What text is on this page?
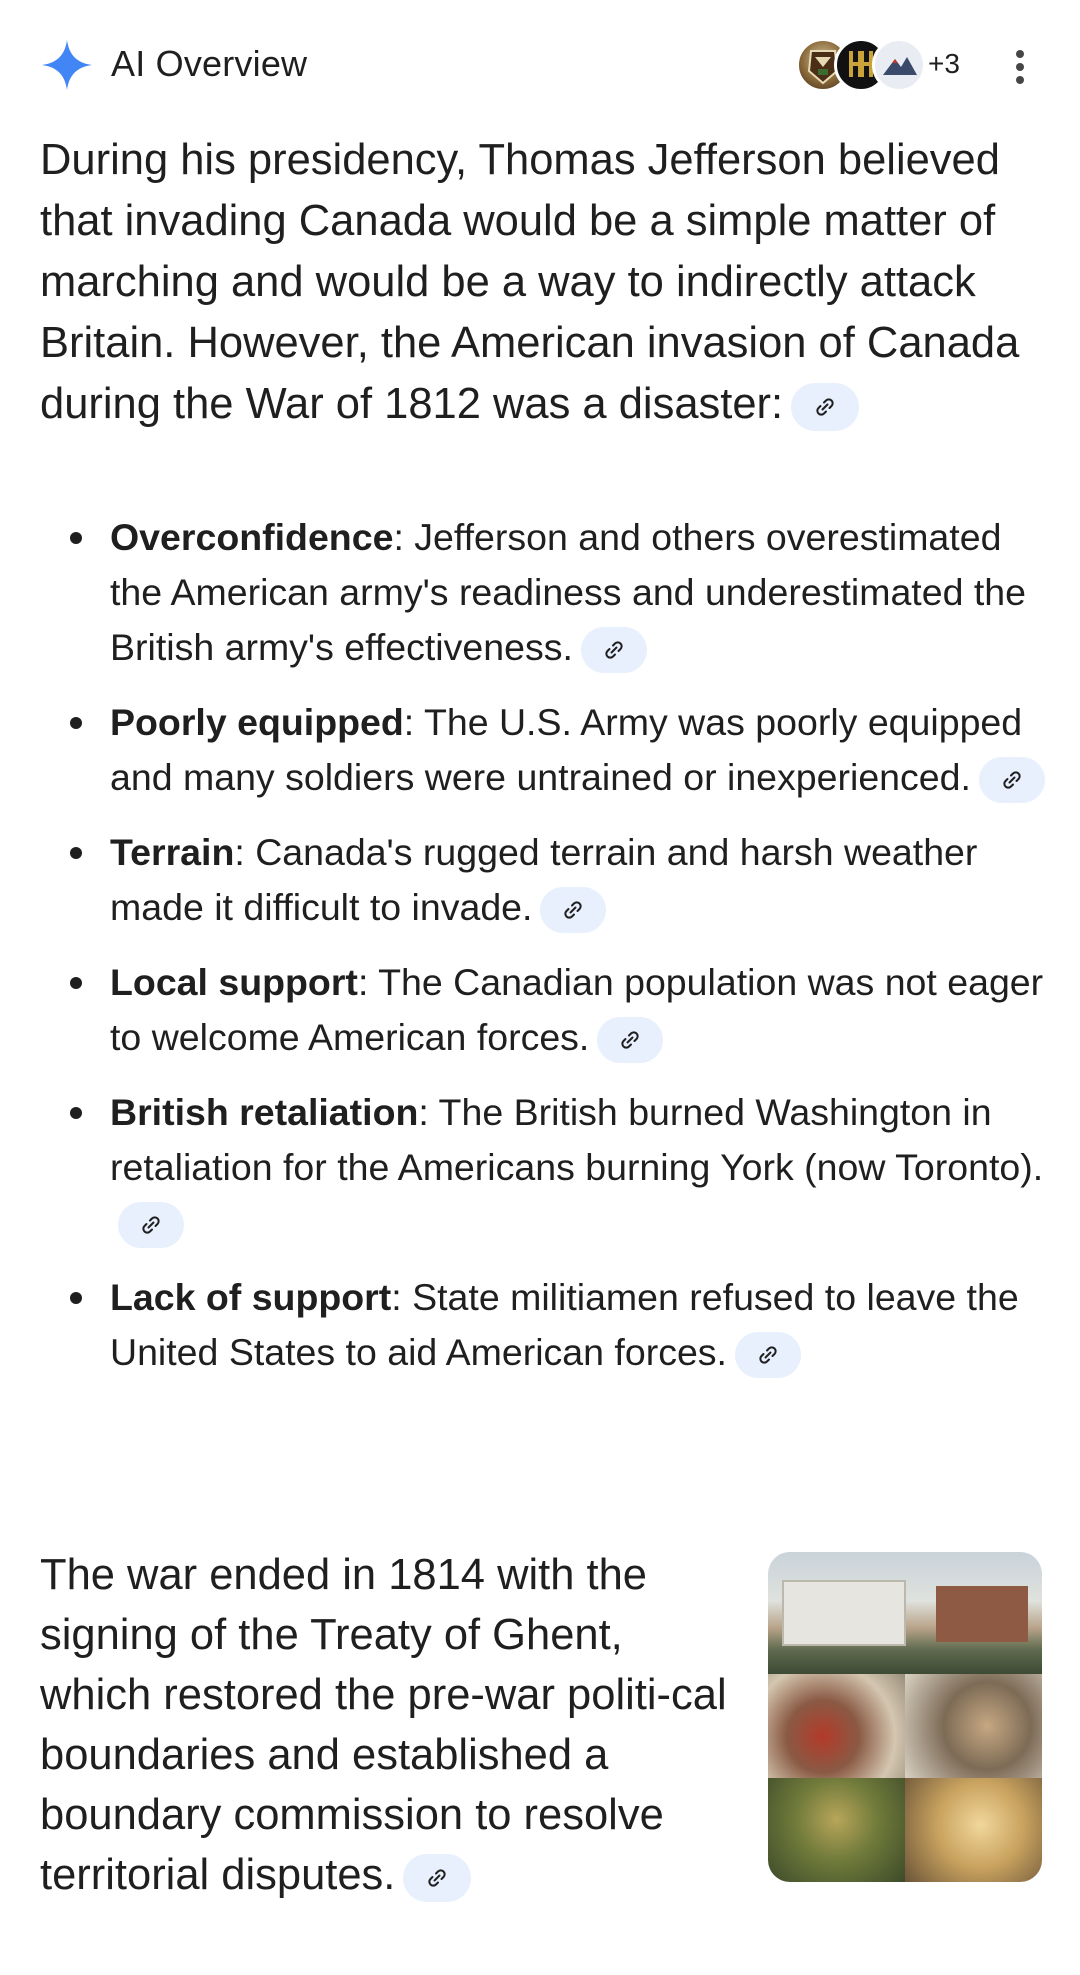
AI Overview	+3

During his presidency, Thomas Jefferson believed that invading Canada would be a simple matter of marching and would be a way to indirectly attack Britain. However, the American invasion of Canada during the War of 1812 was a disaster:

Overconfidence: Jefferson and others overestimated the American army's readiness and underestimated the British army's effectiveness.
Poorly equipped: The U.S. Army was poorly equipped and many soldiers were untrained or inexperienced.
Terrain: Canada's rugged terrain and harsh weather made it difficult to invade.
Local support: The Canadian population was not eager to welcome American forces.
British retaliation: The British burned Washington in retaliation for the Americans burning York (now Toronto).
Lack of support: State militiamen refused to leave the United States to aid American forces.

The war ended in 1814 with the signing of the Treaty of Ghent, which restored the pre-war politi-cal boundaries and established a boundary commission to resolve territorial disputes.
